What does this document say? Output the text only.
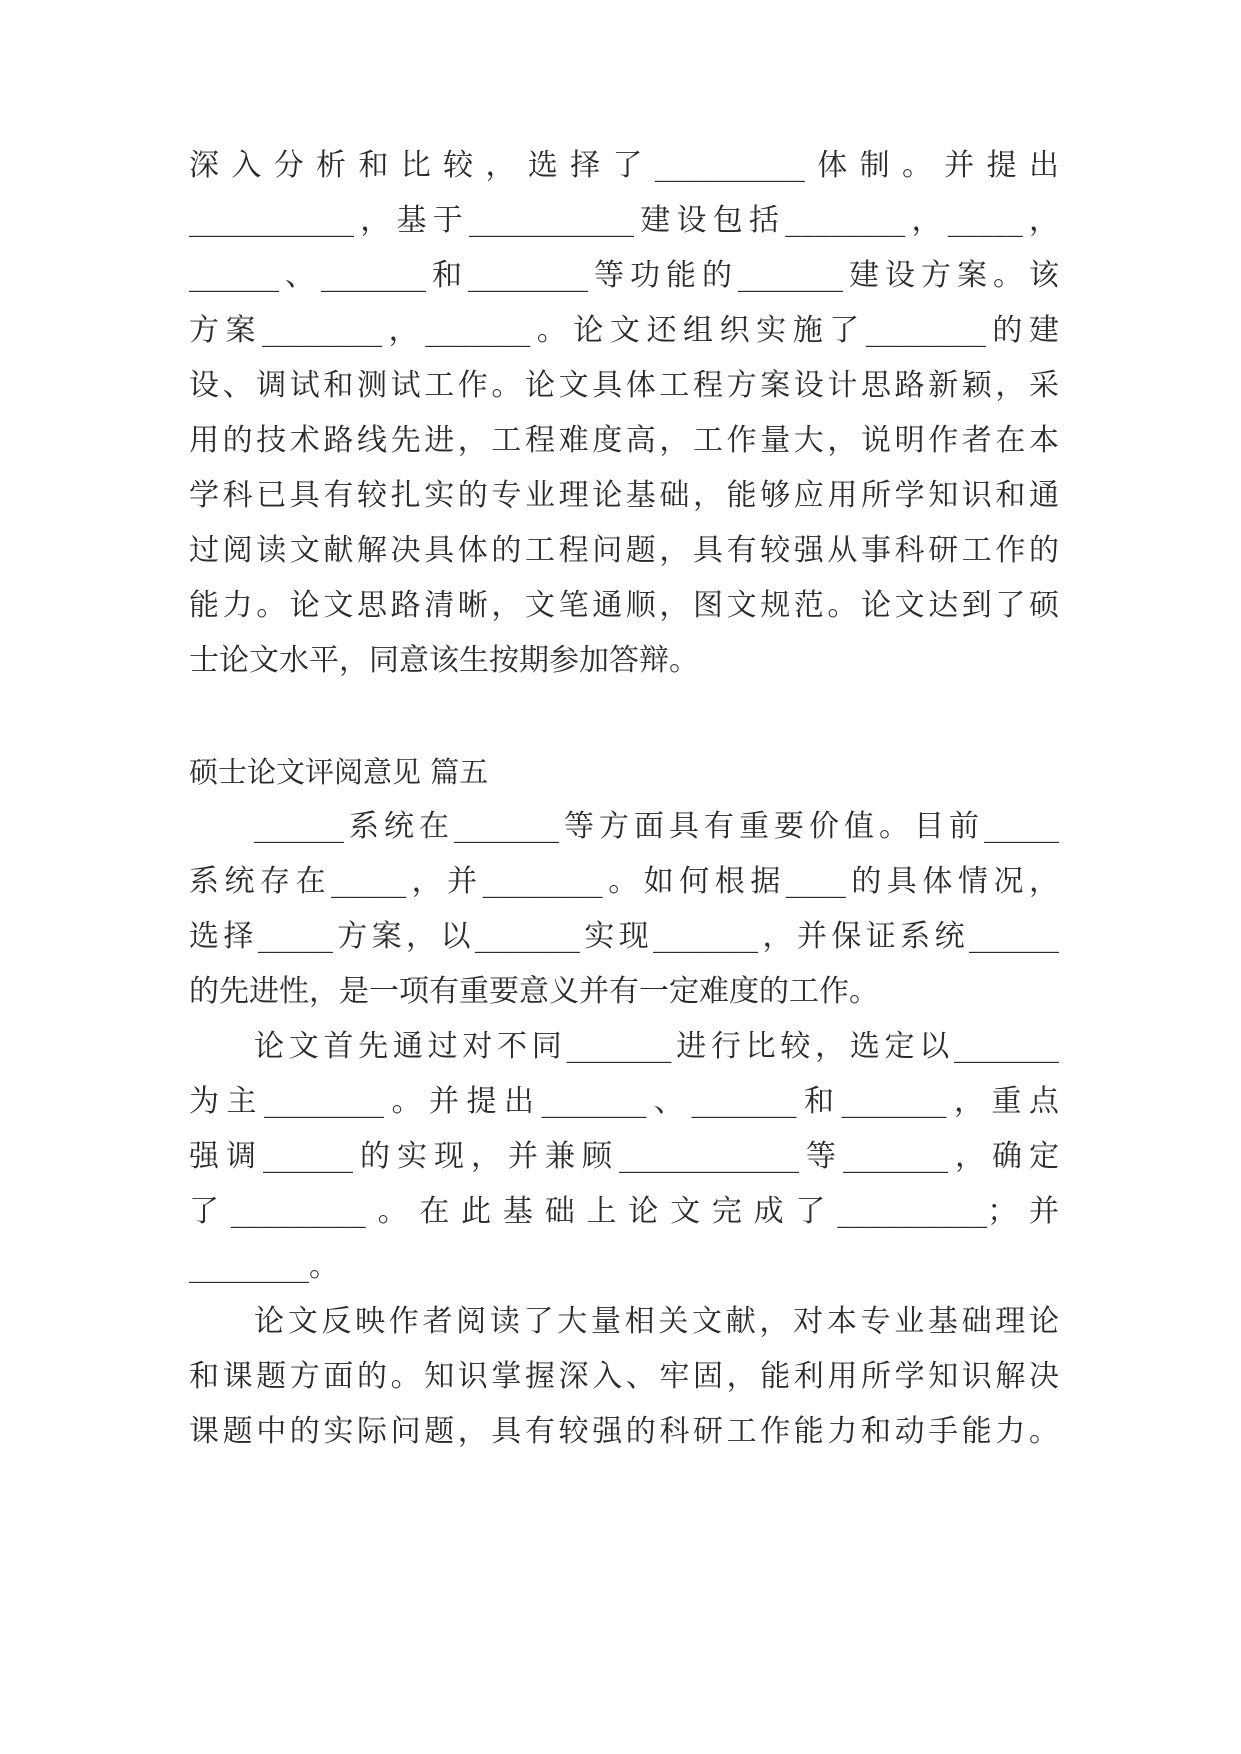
深入分析和比较，选择了__________体制。并提出
___________，基于___________建设包括________，_____，
______、_______和________等功能的_______建设方案。该
方案________，_______。论文还组织实施了________的建
设、调试和测试工作。论文具体工程方案设计思路新颖，采
用的技术路线先进，工程难度高，工作量大，说明作者在本
学科已具有较扎实的专业理论基础，能够应用所学知识和通
过阅读文献解决具体的工程问题，具有较强从事科研工作的
能力。论文思路清晰，文笔通顺，图文规范。论文达到了硕
士论文水平，同意该生按期参加答辩。
硕士论文评阅意见 篇五
______系统在_______等方面具有重要价值。目前_____
系统存在_____，并________。如何根据____的具体情况，
选择_____方案，以_______实现_______，并保证系统______
的先进性，是一项有重要意义并有一定难度的工作。
论文首先通过对不同_______进行比较，选定以_______
为主________。并提出_______、_______和_______，重点
强调______的实现，并兼顾____________等_______，确定
了_________。在此基础上论文完成了__________；并
________。
论文反映作者阅读了大量相关文献，对本专业基础理论
和课题方面的。知识掌握深入、牢固，能利用所学知识解决
课题中的实际问题，具有较强的科研工作能力和动手能力。
